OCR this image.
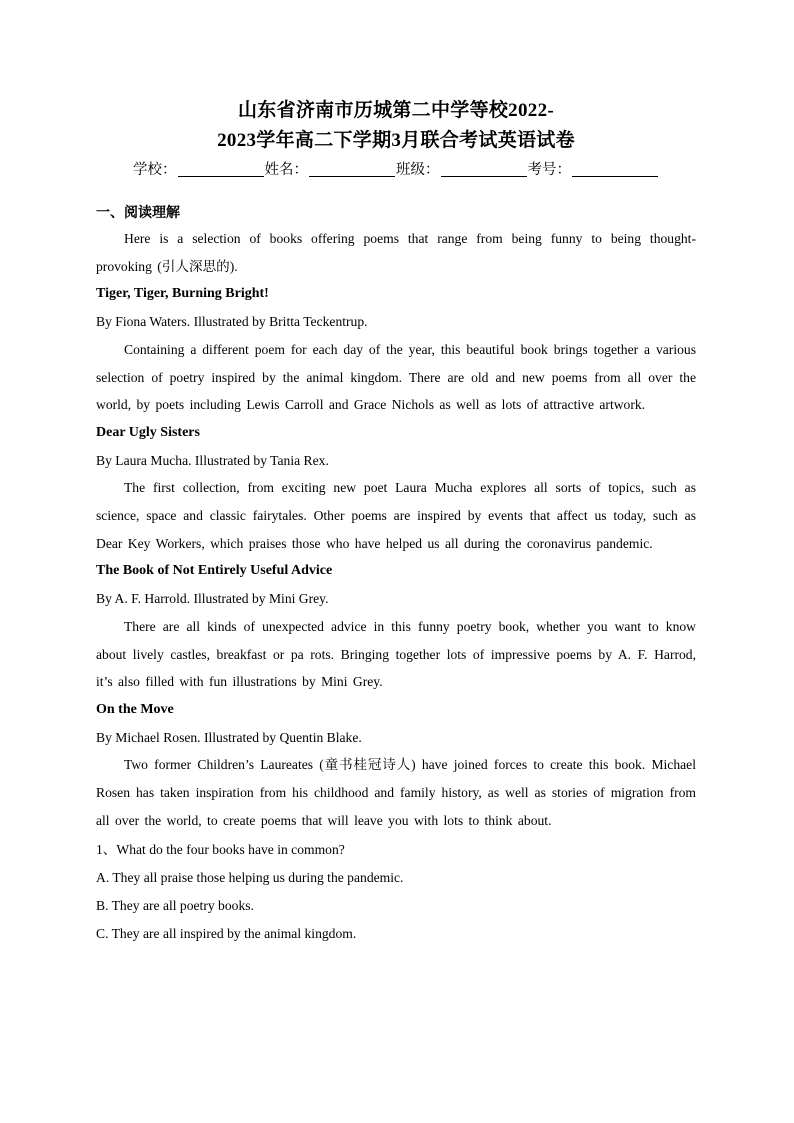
山东省济南市历城第二中学等校2022-
2023学年高二下学期3月联合考试英语试卷
学校：	姓名：	班级：	考号：
一、阅读理解

Here is a selection of books offering poems that range from being funny to being thought-provoking (引人深思的).

Tiger, Tiger, Burning Bright!
By Fiona Waters. Illustrated by Britta Teckentrup.

Containing a different poem for each day of the year, this beautiful book brings together a various selection of poetry inspired by the animal kingdom. There are old and new poems from all over the world, by poets including Lewis Carroll and Grace Nichols as well as lots of attractive artwork.

Dear Ugly Sisters
By Laura Mucha. Illustrated by Tania Rex.

The first collection, from exciting new poet Laura Mucha explores all sorts of topics, such as science, space and classic fairytales. Other poems are inspired by events that affect us today, such as Dear Key Workers, which praises those who have helped us all during the coronavirus pandemic.

The Book of Not Entirely Useful Advice
By A. F. Harrold. Illustrated by Mini Grey.

There are all kinds of unexpected advice in this funny poetry book, whether you want to know about lively castles, breakfast or pa rots. Bringing together lots of impressive poems by A. F. Harrod, it’s also filled with fun illustrations by Mini Grey.

On the Move
By Michael Rosen. Illustrated by Quentin Blake.

Two former Children’s Laureates (童书桂冠诗人) have joined forces to create this book. Michael Rosen has taken inspiration from his childhood and family history, as well as stories of migration from all over the world, to create poems that will leave you with lots to think about.

1、What do the four books have in common?
A. They all praise those helping us during the pandemic.
B. They are all poetry books.
C. They are all inspired by the animal kingdom.
